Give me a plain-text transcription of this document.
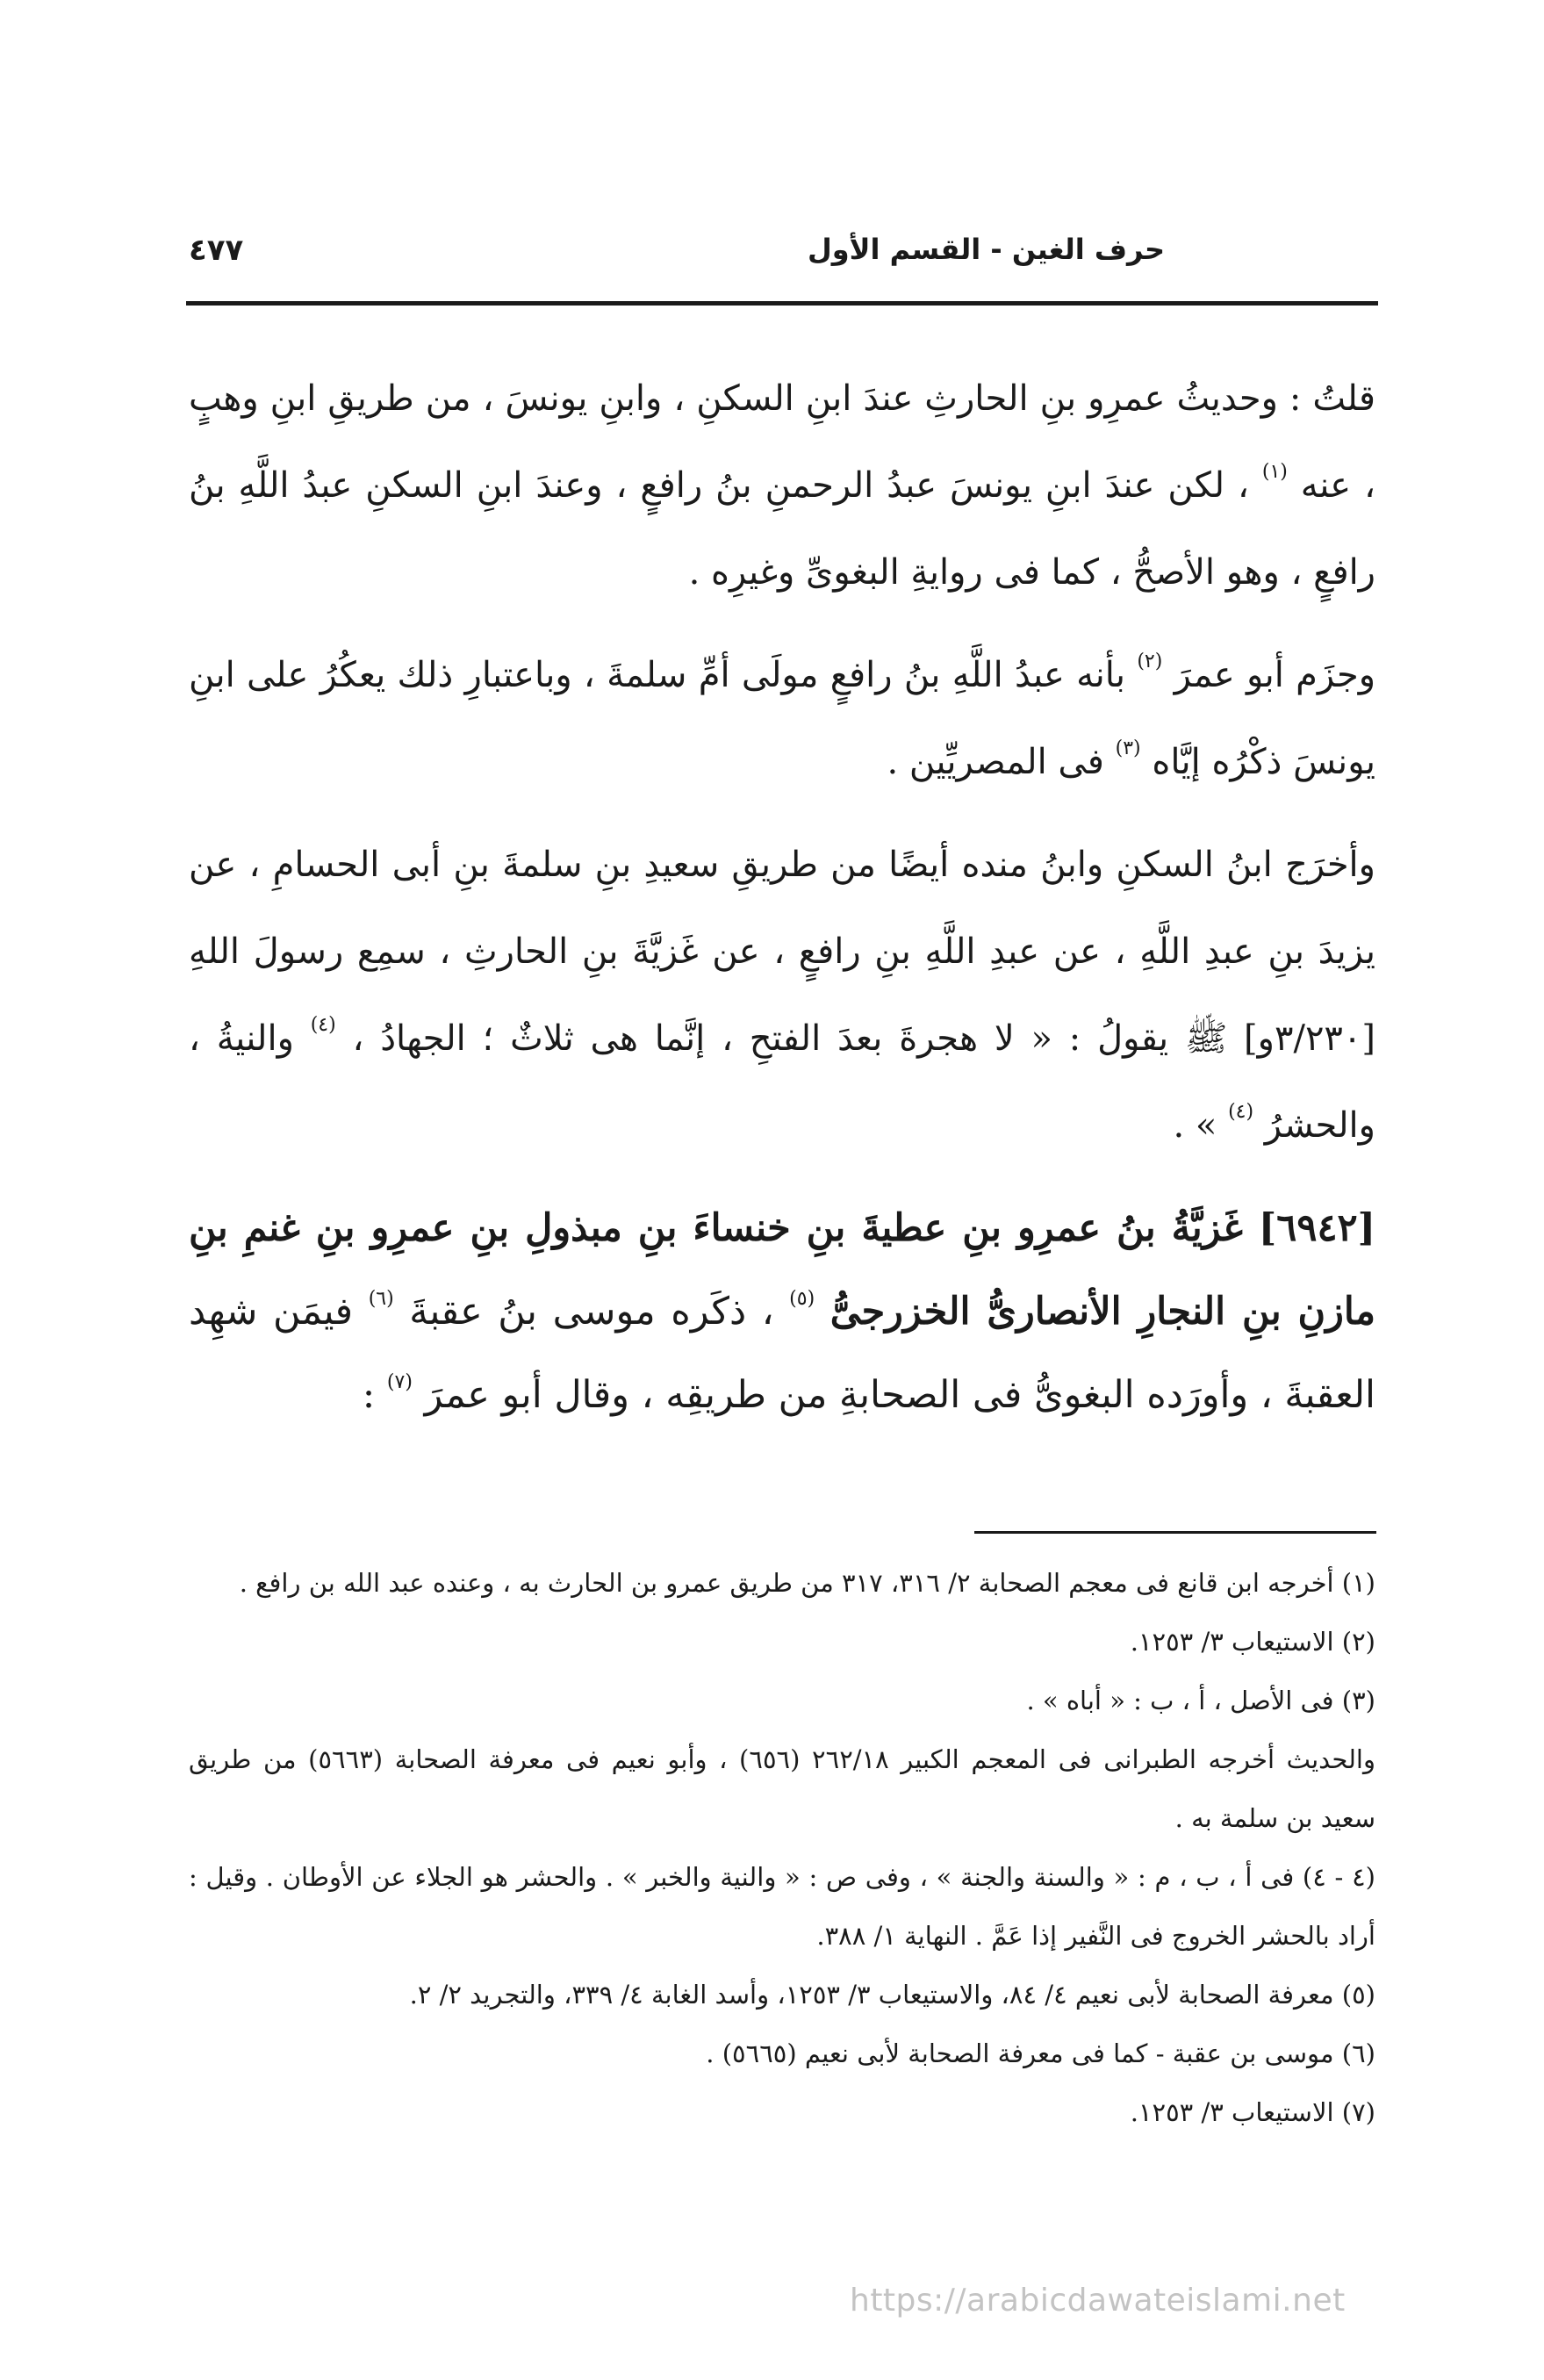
حرف الغين - القسم الأول
٤٧٧

قلتُ : وحديثُ عمرِو بنِ الحارثِ عندَ ابنِ السكنِ ، وابنِ يونسَ ، من طريقِ ابنِ وهبٍ ، عنه $^{(١)}$ ، لكن عندَ ابنِ يونسَ عبدُ الرحمنِ بنُ رافعٍ ، وعندَ ابنِ السكنِ عبدُ اللَّهِ بنُ رافعٍ ، وهو الأصحُّ ، كما فى روايةِ البغوىِّ وغيرِه .

وجزَم أبو عمرَ $^{(٢)}$ بأنه عبدُ اللَّهِ بنُ رافعٍ مولَى أمِّ سلمةَ ، وباعتبارِ ذلك يعكُرُ على ابنِ يونسَ ذكْرُه إيَّاه $^{(٣)}$ فى المصريِّين .

وأخرَج ابنُ السكنِ وابنُ منده أيضًا من طريقِ سعيدِ بنِ سلمةَ بنِ أبى الحسامِ ، عن يزيدَ بنِ عبدِ اللَّهِ ، عن عبدِ اللَّهِ بنِ رافعٍ ، عن غَزيَّةَ بنِ الحارثِ ، سمِع رسولَ اللهِ [٣/٢٣٠و] ﷺ يقولُ : « لا هجرةَ بعدَ الفتحِ ، إنَّما هى ثلاثٌ ؛ الجهادُ ، $^{(٤)}$ والنيةُ ، والحشرُ $^{(٤)}$ » .

[٦٩٤٢] غَزيَّةُ بنُ عمرِو بنِ عطيةَ بنِ خنساءَ بنِ مبذولِ بنِ عمرِو بنِ غنمِ بنِ مازنِ بنِ النجارِ الأنصارىُّ الخزرجىُّ $^{(٥)}$ ، ذكَره موسى بنُ عقبةَ $^{(٦)}$ فيمَن شهِد العقبةَ ، وأورَده البغوىُّ فى الصحابةِ من طريقِه ، وقال أبو عمرَ $^{(٧)}$ :

(١) أخرجه ابن قانع فى معجم الصحابة ٢/ ٣١٦، ٣١٧ من طريق عمرو بن الحارث به ، وعنده عبد الله بن رافع .

(٢) الاستيعاب ٣/ ١٢٥٣.

(٣) فى الأصل ، أ ، ب : « أباه » .

والحديث أخرجه الطبرانى فى المعجم الكبير ٢٦٢/١٨ (٦٥٦) ، وأبو نعيم فى معرفة الصحابة (٥٦٦٣) من طريق سعيد بن سلمة به .

(٤ - ٤) فى أ ، ب ، م : « والسنة والجنة » ، وفى ص : « والنية والخبر » . والحشر هو الجلاء عن الأوطان . وقيل : أراد بالحشر الخروج فى النَّفير إذا عَمَّ . النهاية ١/ ٣٨٨.

(٥) معرفة الصحابة لأبى نعيم ٤/ ٨٤، والاستيعاب ٣/ ١٢٥٣، وأسد الغابة ٤/ ٣٣٩، والتجريد ٢/ ٢.

(٦) موسى بن عقبة - كما فى معرفة الصحابة لأبى نعيم (٥٦٦٥) .

(٧) الاستيعاب ٣/ ١٢٥٣.

https://arabicdawateislami.net
